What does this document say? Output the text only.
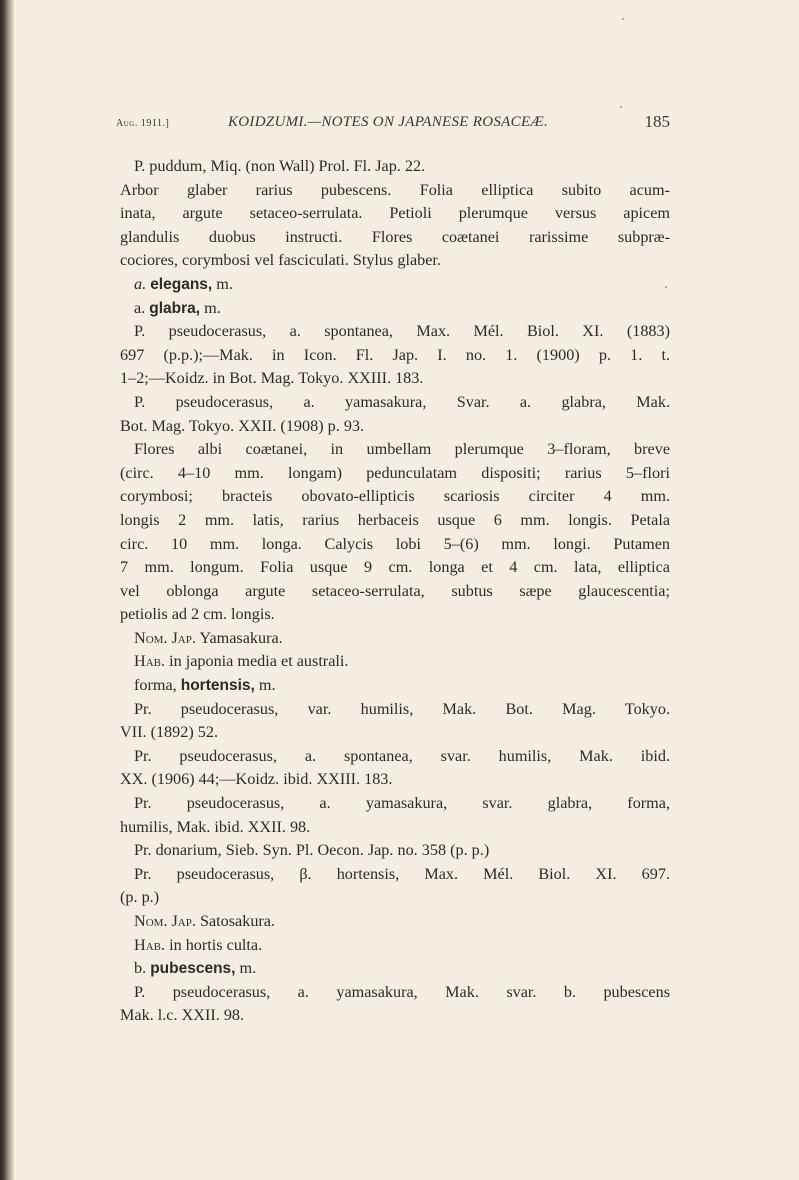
Aug. 1911.]	KOIDZUMI.—NOTES ON JAPANESE ROSACEÆ.	185
P. puddum, Miq. (non Wall) Prol. Fl. Jap. 22.
Arbor glaber rarius pubescens. Folia elliptica subito acum-
inata, argute setaceo-serrulata. Petioli plerumque versus apicem
glandulis duobus instructi. Flores coætanei rarissime subpræ-
cociores, corymbosi vel fasciculati. Stylus glaber.
a. elegans, m.
a. glabra, m.
P. pseudocerasus, a. spontanea, Max. Mél. Biol. XI. (1883)
697 (p.p.);—Mak. in Icon. Fl. Jap. I. no. 1. (1900) p. 1. t.
1–2;—Koidz. in Bot. Mag. Tokyo. XXIII. 183.
P. pseudocerasus, a. yamasakura, Svar. a. glabra, Mak.
Bot. Mag. Tokyo. XXII. (1908) p. 93.
Flores albi coætanei, in umbellam plerumque 3–floram, breve
(circ. 4–10 mm. longam) pedunculatam dispositi; rarius 5–flori
corymbosi; bracteis obovato-ellipticis scariosis circiter 4 mm.
longis 2 mm. latis, rarius herbaceis usque 6 mm. longis. Petala
circ. 10 mm. longa. Calycis lobi 5–(6) mm. longi. Putamen
7 mm. longum. Folia usque 9 cm. longa et 4 cm. lata, elliptica
vel oblonga argute setaceo-serrulata, subtus sæpe glaucescentia;
petiolis ad 2 cm. longis.
Nom. Jap. Yamasakura.
Hab. in japonia media et australi.
forma, hortensis, m.
Pr. pseudocerasus, var. humilis, Mak. Bot. Mag. Tokyo.
VII. (1892) 52.
Pr. pseudocerasus, a. spontanea, svar. humilis, Mak. ibid.
XX. (1906) 44;—Koidz. ibid. XXIII. 183.
Pr. pseudocerasus, a. yamasakura, svar. glabra, forma,
humilis, Mak. ibid. XXII. 98.
Pr. donarium, Sieb. Syn. Pl. Oecon. Jap. no. 358 (p. p.)
Pr. pseudocerasus, β. hortensis, Max. Mél. Biol. XI. 697.
(p. p.)
Nom. Jap. Satosakura.
Hab. in hortis culta.
b. pubescens, m.
P. pseudocerasus, a. yamasakura, Mak. svar. b. pubescens
Mak. l.c. XXII. 98.
